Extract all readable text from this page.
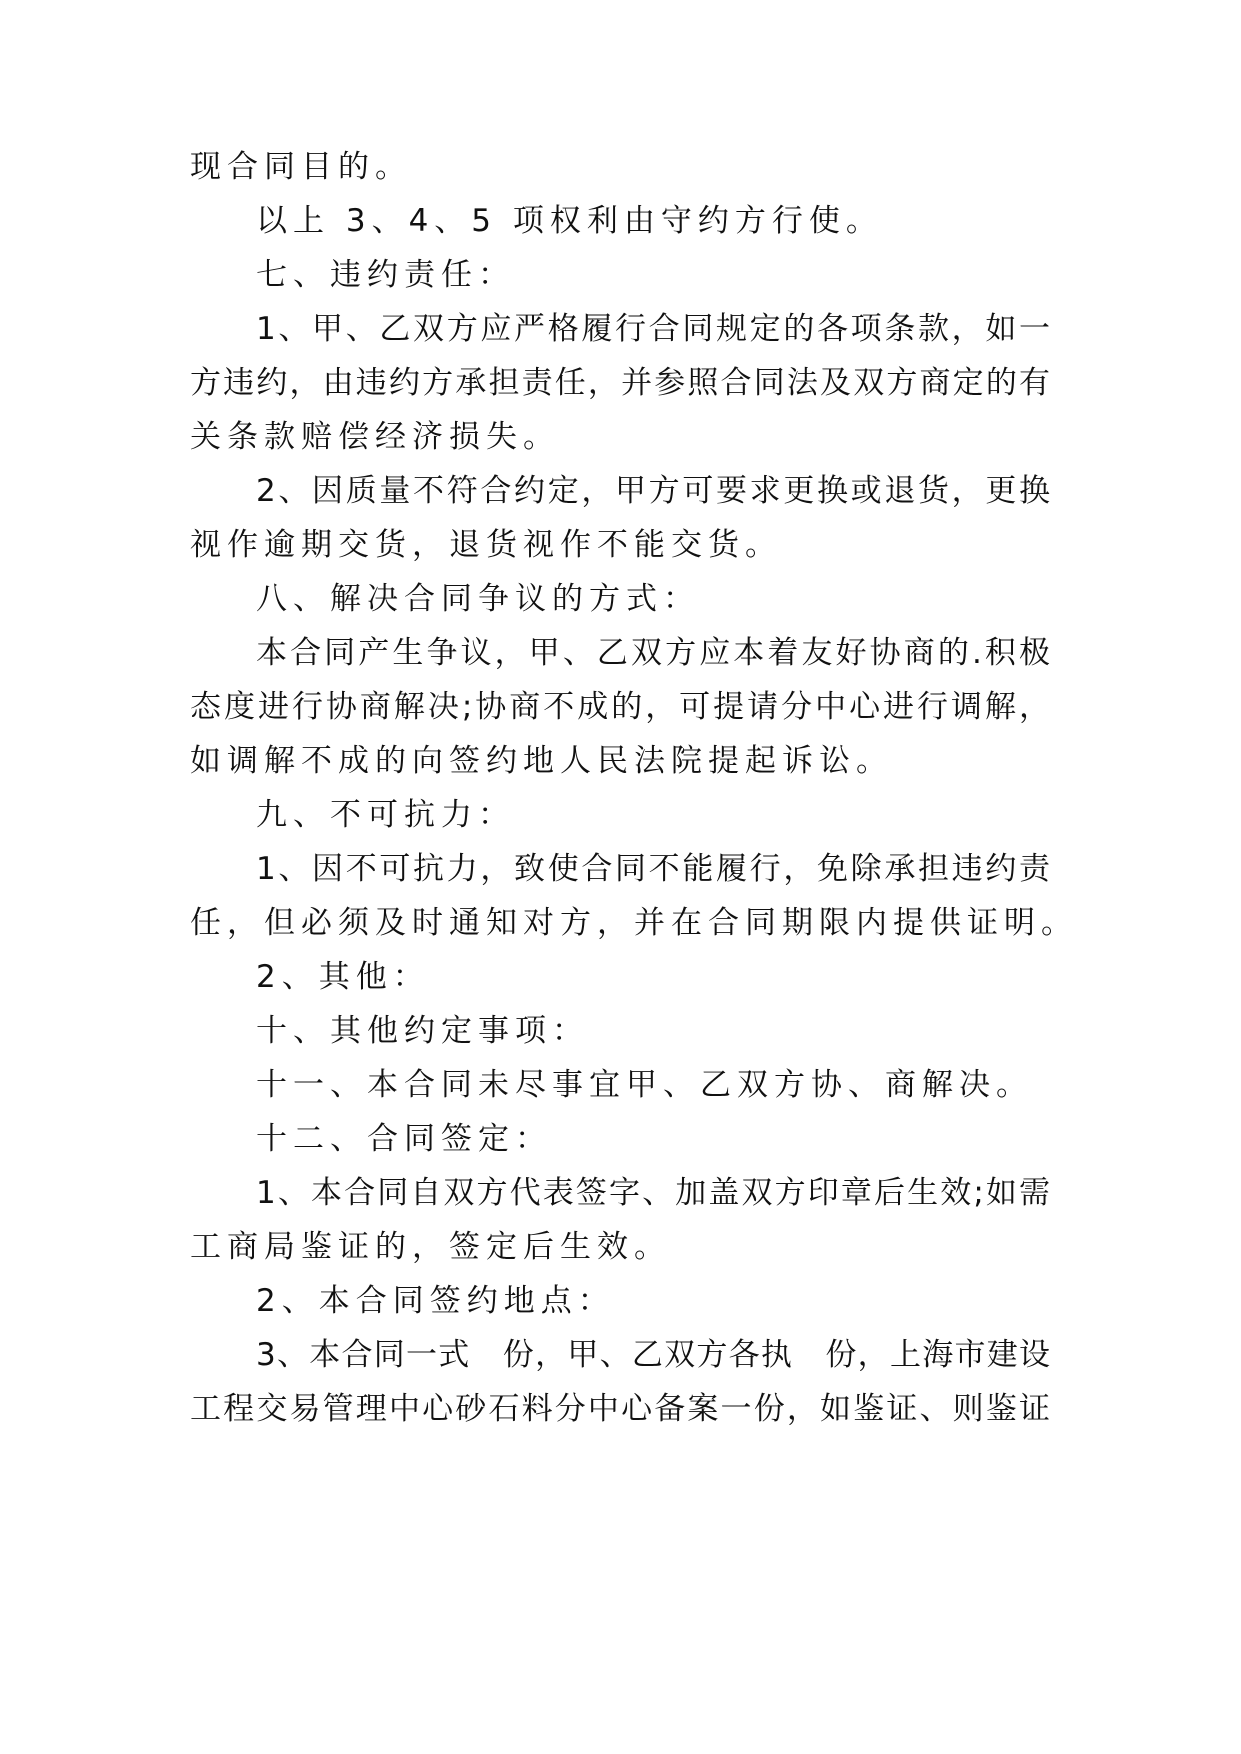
现合同目的。
以上 3、4、5 项权利由守约方行使。
七、违约责任：
1、甲、乙双方应严格履行合同规定的各项条款，如一
方违约，由违约方承担责任，并参照合同法及双方商定的有
关条款赔偿经济损失。
2、因质量不符合约定，甲方可要求更换或退货，更换
视作逾期交货，退货视作不能交货。
八、解决合同争议的方式：
本合同产生争议，甲、乙双方应本着友好协商的.积极
态度进行协商解决;协商不成的，可提请分中心进行调解，
如调解不成的向签约地人民法院提起诉讼。
九、不可抗力：
1、因不可抗力，致使合同不能履行，免除承担违约责
任，但必须及时通知对方，并在合同期限内提供证明。
2、其他：
十、其他约定事项：
十一、本合同未尽事宜甲、乙双方协、商解决。
十二、合同签定：
1、本合同自双方代表签字、加盖双方印章后生效;如需
工商局鉴证的，签定后生效。
2、本合同签约地点：
3、本合同一式　份，甲、乙双方各执　份，上海市建设
工程交易管理中心砂石料分中心备案一份，如鉴证、则鉴证
